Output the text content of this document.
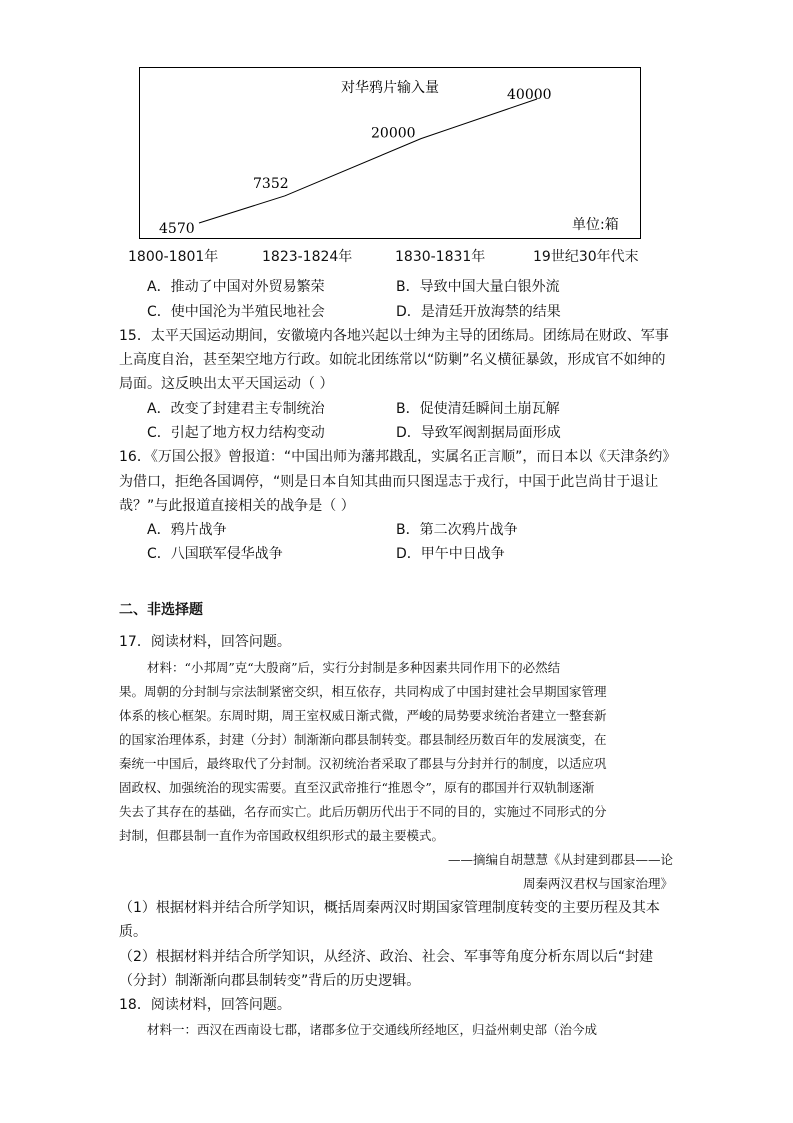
对华鸦片输入量
4570
7352
20000
40000
单位:箱
1800-1801年	1823-1824年	1830-1831年	19世纪30年代末
A．推动了中国对外贸易繁荣	B．导致中国大量白银外流
C．使中国沦为半殖民地社会	D．是清廷开放海禁的结果
15．太平天国运动期间，安徽境内各地兴起以士绅为主导的团练局。团练局在财政、军事
上高度自治，甚至架空地方行政。如皖北团练常以“防剿”名义横征暴敛，形成官不如绅的
局面。这反映出太平天国运动（ ）
A．改变了封建君主专制统治	B．促使清廷瞬间土崩瓦解
C．引起了地方权力结构变动	D．导致军阀割据局面形成
16．《万国公报》曾报道：“中国出师为藩邦戡乱，实属名正言顺”，而日本以《天津条约》
为借口，拒绝各国调停，“则是日本自知其曲而只图逞志于戎行，中国于此岂尚甘于退让
哉？”与此报道直接相关的战争是（ ）
A．鸦片战争	B．第二次鸦片战争
C．八国联军侵华战争	D．甲午中日战争
二、非选择题
17．阅读材料，回答问题。
材料：“小邦周”克“大殷商”后，实行分封制是多种因素共同作用下的必然结
果。周朝的分封制与宗法制紧密交织，相互依存，共同构成了中国封建社会早期国家管理
体系的核心框架。东周时期，周王室权威日渐式微，严峻的局势要求统治者建立一整套新
的国家治理体系，封建（分封）制渐渐向郡县制转变。郡县制经历数百年的发展演变，在
秦统一中国后，最终取代了分封制。汉初统治者采取了郡县与分封并行的制度，以适应巩
固政权、加强统治的现实需要。直至汉武帝推行“推恩令”，原有的郡国并行双轨制逐渐
失去了其存在的基础，名存而实亡。此后历朝历代出于不同的目的，实施过不同形式的分
封制，但郡县制一直作为帝国政权组织形式的最主要模式。
——摘编自胡慧慧《从封建到郡县——论
周秦两汉君权与国家治理》
（1）根据材料并结合所学知识，概括周秦两汉时期国家管理制度转变的主要历程及其本
质。
（2）根据材料并结合所学知识，从经济、政治、社会、军事等角度分析东周以后“封建
（分封）制渐渐向郡县制转变”背后的历史逻辑。
18．阅读材料，回答问题。
材料一：西汉在西南设七郡，诸郡多位于交通线所经地区，归益州刺史部（治今成
